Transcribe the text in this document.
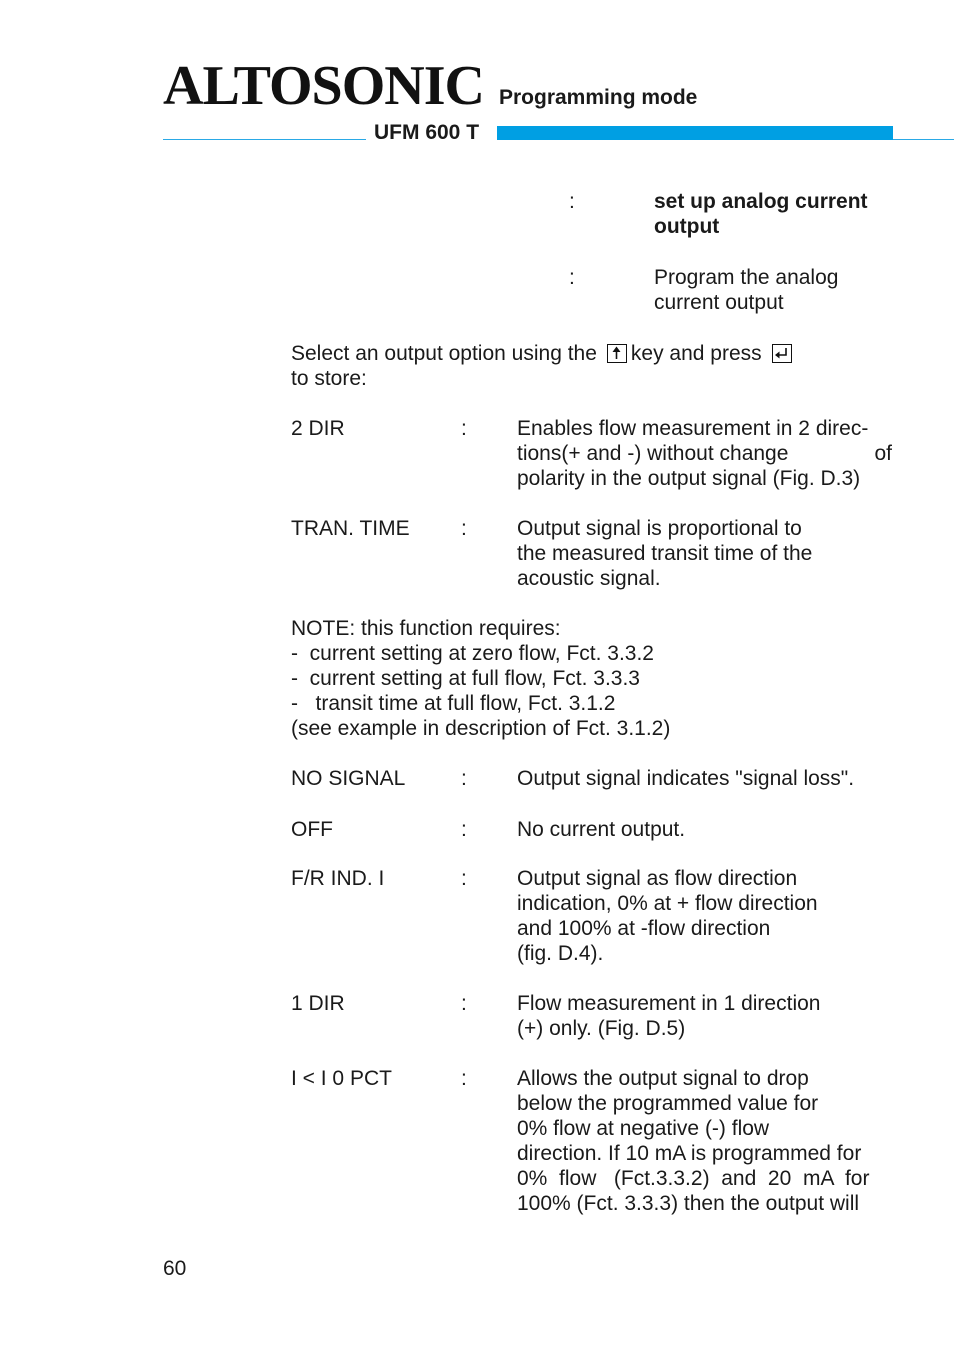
ALTOSONIC Programming mode
UFM 600 T
:	set up analog current
output
:	Program the analog
current output
Select an output option using the key and press
to store:
2 DIR	: Enables flow measurement in 2 direc-
tions(+ and -) without change	of
polarity in the output signal (Fig. D.3)
TRAN. TIME : Output signal is proportional to
the measured transit time of the
acoustic signal.
NOTE: this function requires:
-  current setting at zero flow, Fct. 3.3.2
-  current setting at full flow, Fct. 3.3.3
-   transit time at full flow, Fct. 3.1.2
(see example in description of Fct. 3.1.2)
NO SIGNAL	: Output signal indicates "signal loss".
OFF	: No current output.
F/R IND. I	: Output signal as flow direction
indication, 0% at + flow direction
and 100% at -flow direction
(fig. D.4).
1 DIR	: Flow measurement in 1 direction
(+) only. (Fig. D.5)
I < I 0 PCT	: Allows the output signal to drop
below the programmed value for
0% flow at negative (-) flow
direction. If 10 mA is programmed for
0%  flow   (Fct.3.3.2)  and  20  mA  for
100% (Fct. 3.3.3) then the output will
60
